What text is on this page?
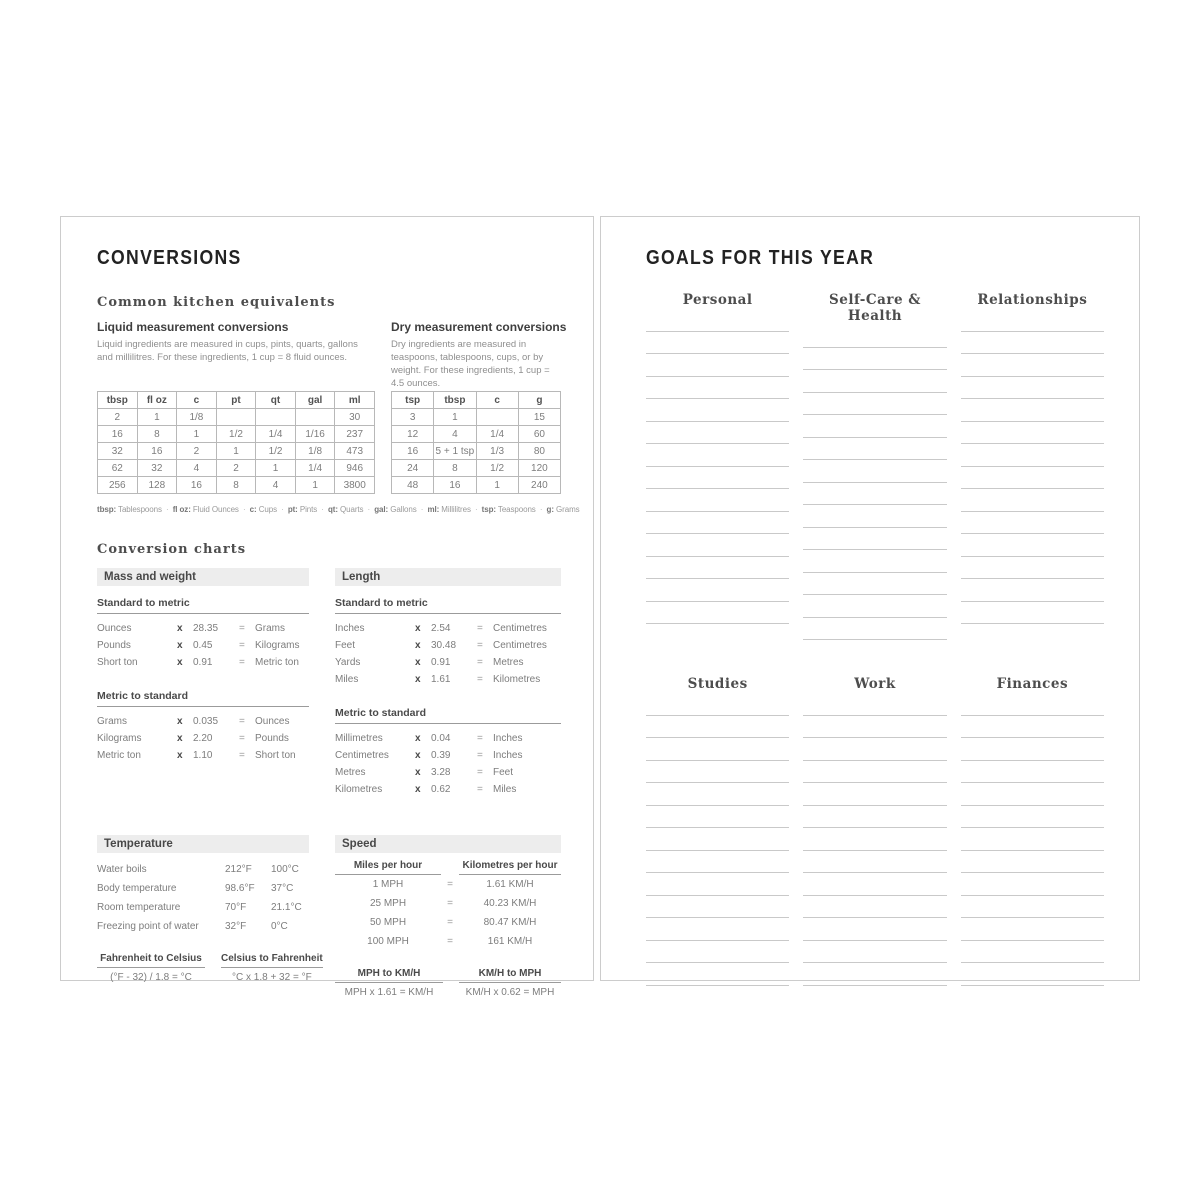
CONVERSIONS
Common kitchen equivalents
Liquid measurement conversions
Liquid ingredients are measured in cups, pints, quarts, gallons and millilitres. For these ingredients, 1 cup = 8 fluid ounces.
tbsp	fl oz	c	pt	qt	gal	ml
2	1	1/8				30
16	8	1	1/2	1/4	1/16	237
32	16	2	1	1/2	1/8	473
62	32	4	2	1	1/4	946
256	128	16	8	4	1	3800
Dry measurement conversions
Dry ingredients are measured in teaspoons, tablespoons, cups, or by weight. For these ingredients, 1 cup = 4.5 ounces.
tsp	tbsp	c	g
3	1		15
12	4	1/4	60
16	5 + 1 tsp	1/3	80
24	8	1/2	120
48	16	1	240
tbsp: Tablespoons · fl oz: Fluid Ounces · c: Cups · pt: Pints · qt: Quarts · gal: Gallons · ml: Millilitres · tsp: Teaspoons · g: Grams
Conversion charts
Mass and weight
Standard to metric
Ounces	x	28.35	=	Grams
Pounds	x	0.45	=	Kilograms
Short ton	x	0.91	=	Metric ton
Metric to standard
Grams	x	0.035	=	Ounces
Kilograms	x	2.20	=	Pounds
Metric ton	x	1.10	=	Short ton
Temperature
Water boils	212°F	100°C
Body temperature	98.6°F	37°C
Room temperature	70°F	21.1°C
Freezing point of water	32°F	0°C
Fahrenheit to Celsius
(°F - 32) / 1.8 = °C
Celsius to Fahrenheit
°C x 1.8 + 32 = °F
Length
Standard to metric
Inches	x	2.54	=	Centimetres
Feet	x	30.48	=	Centimetres
Yards	x	0.91	=	Metres
Miles	x	1.61	=	Kilometres
Metric to standard
Millimetres	x	0.04	=	Inches
Centimetres	x	0.39	=	Inches
Metres	x	3.28	=	Feet
Kilometres	x	0.62	=	Miles
Speed
Miles per hour	Kilometres per hour
1 MPH	=	1.61 KM/H
25 MPH	=	40.23 KM/H
50 MPH	=	80.47 KM/H
100 MPH	=	161 KM/H
MPH to KM/H
MPH x 1.61 = KM/H
KM/H to MPH
KM/H x 0.62 = MPH
GOALS FOR THIS YEAR
Personal	Self-Care & Health
Relationships
Studies	Work	Finances
